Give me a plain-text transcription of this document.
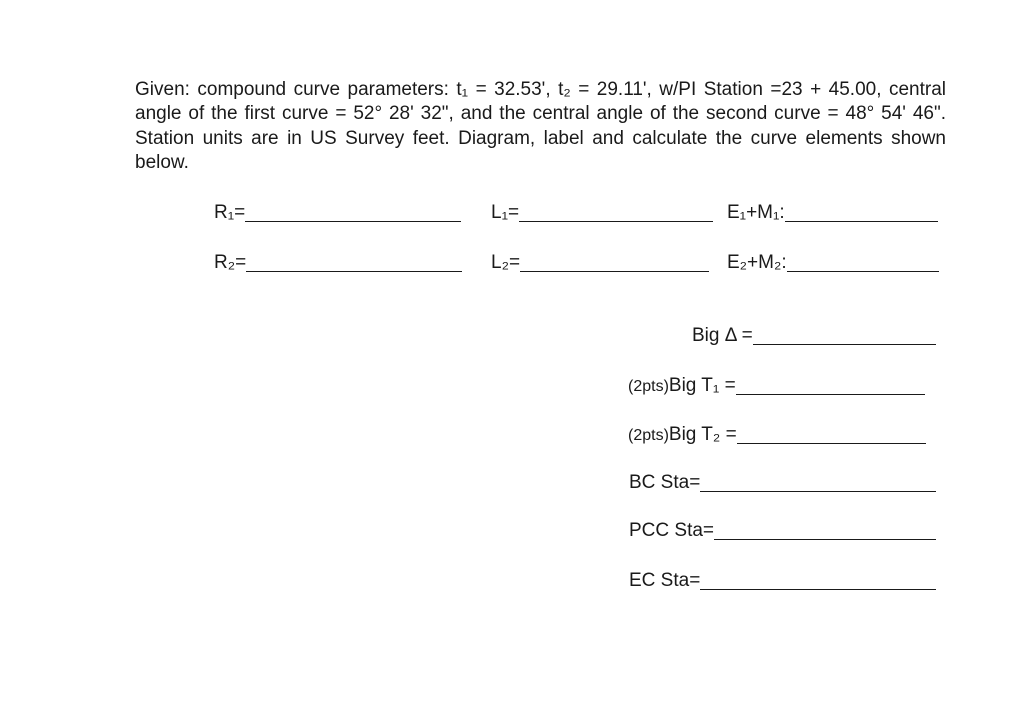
Given: compound curve parameters: t₁ = 32.53', t₂ = 29.11', w/PI Station =23 + 45.00, central angle of the first curve = 52° 28' 32", and the central angle of the second curve = 48° 54' 46". Station units are in US Survey feet. Diagram, label and calculate the curve elements shown below.

R₁=	L₁=	E₁+M₁:
R₂=	L₂=	E₂+M₂:
Big Δ =
(2pts) Big T₁ =
(2pts) Big T₂ =
BC Sta=
PCC Sta=
EC Sta=
